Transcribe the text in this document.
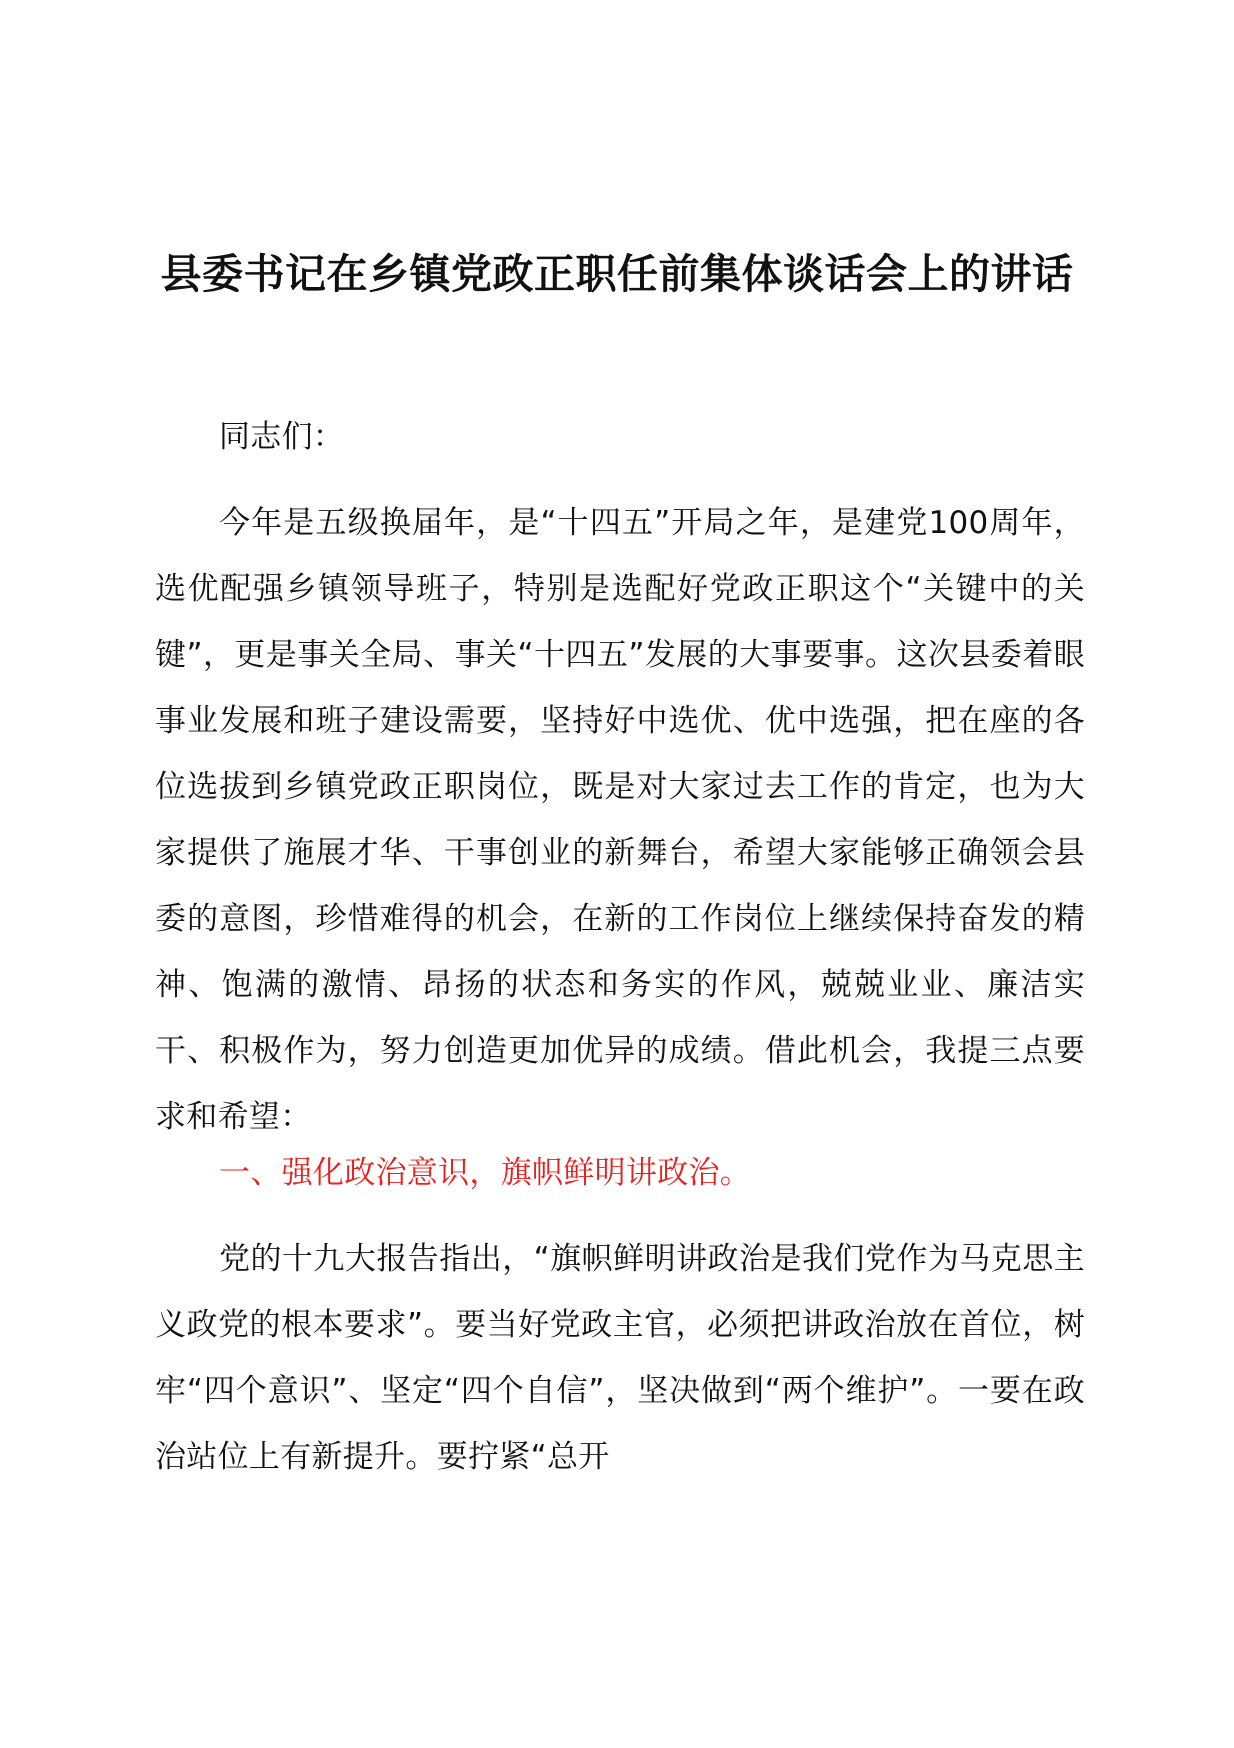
县委书记在乡镇党政正职任前集体谈话会上的讲话

同志们：

今年是五级换届年，是“十四五”开局之年，是建党100周年，选优配强乡镇领导班子，特别是选配好党政正职这个“关键中的关键”，更是事关全局、事关“十四五”发展的大事要事。这次县委着眼事业发展和班子建设需要，坚持好中选优、优中选强，把在座的各位选拔到乡镇党政正职岗位，既是对大家过去工作的肯定，也为大家提供了施展才华、干事创业的新舞台，希望大家能够正确领会县委的意图，珍惜难得的机会，在新的工作岗位上继续保持奋发的精神、饱满的激情、昂扬的状态和务实的作风，兢兢业业、廉洁实干、积极作为，努力创造更加优异的成绩。借此机会，我提三点要求和希望：

一、强化政治意识，旗帜鲜明讲政治。

党的十九大报告指出，“旗帜鲜明讲政治是我们党作为马克思主义政党的根本要求”。要当好党政主官，必须把讲政治放在首位，树牢“四个意识”、坚定“四个自信”，坚决做到“两个维护”。一要在政治站位上有新提升。要拧紧“总开
